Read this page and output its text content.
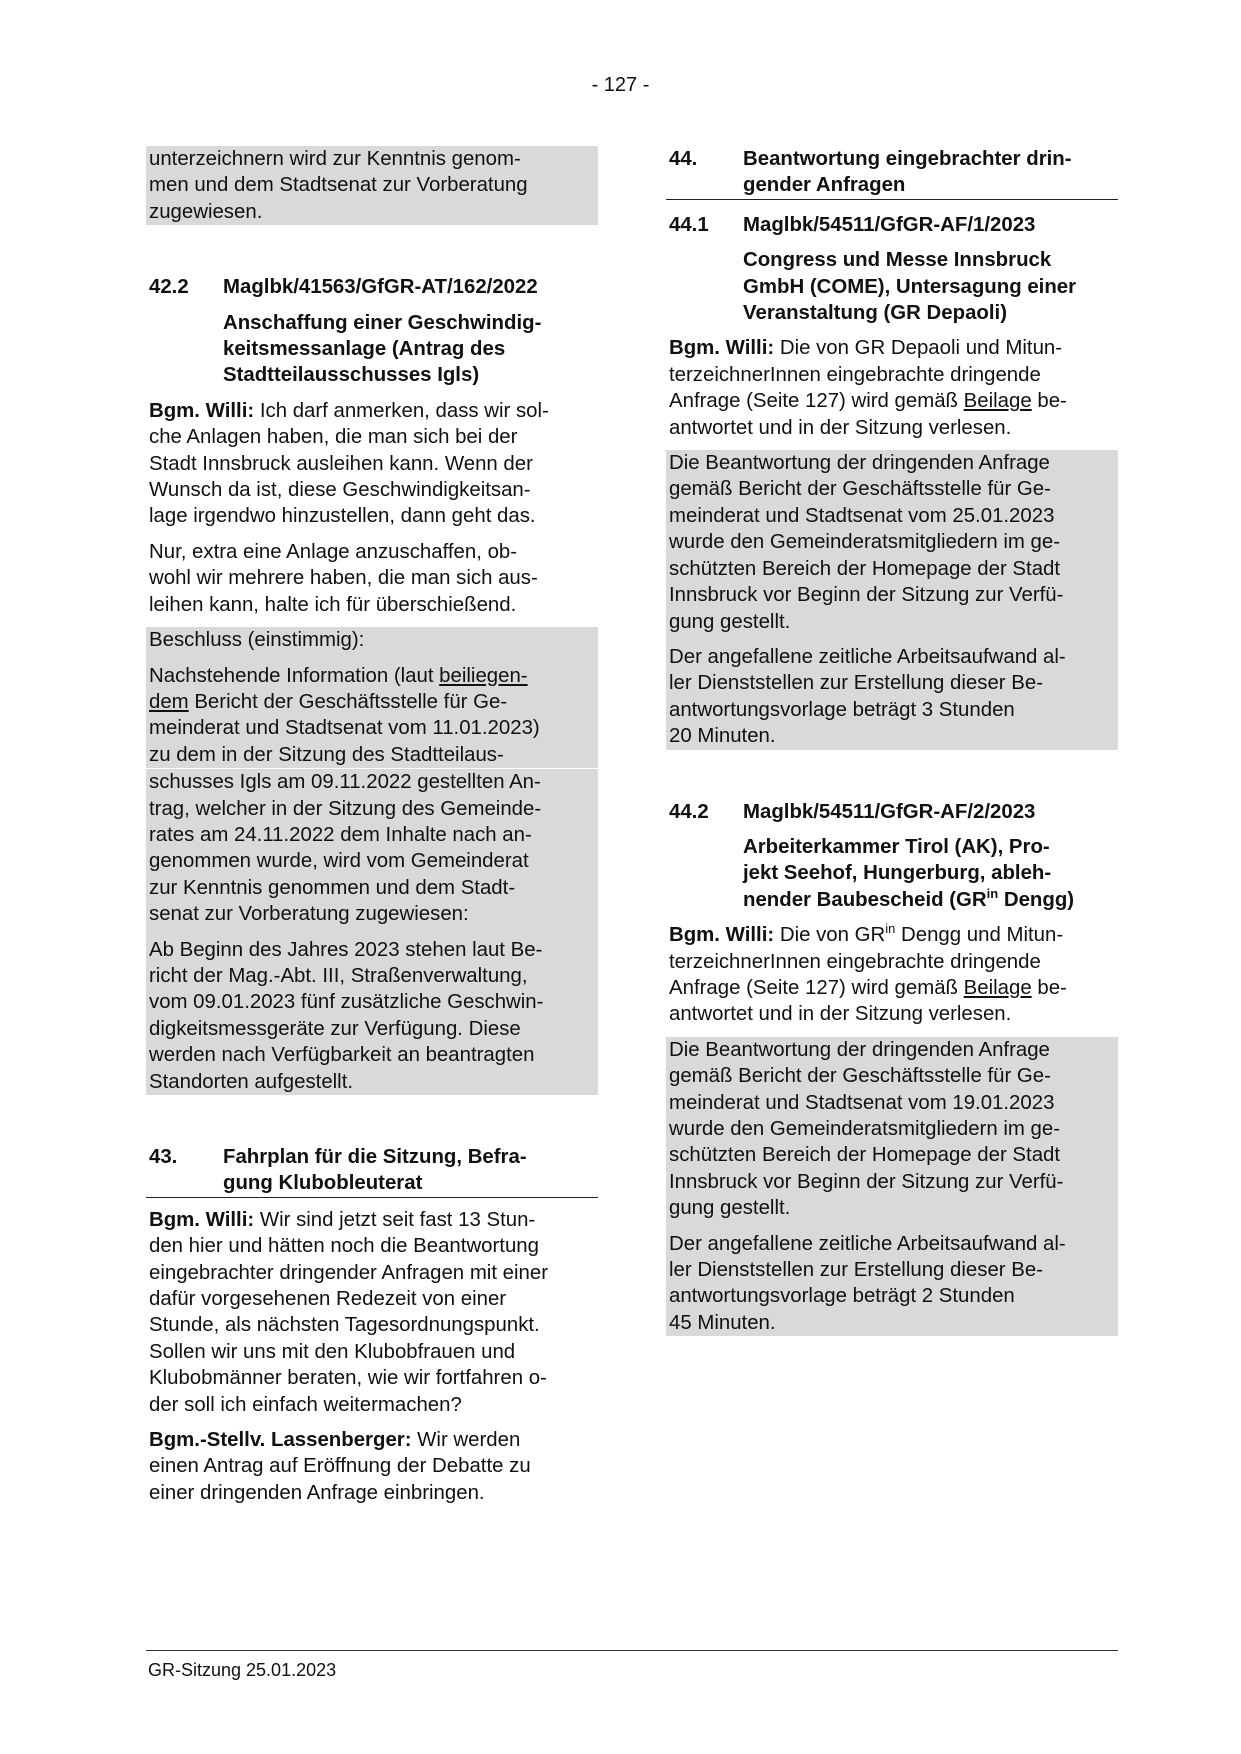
- 127 -
unterzeichnern wird zur Kenntnis genom-
men und dem Stadtsenat zur Vorberatung
zugewiesen.
42.2	Maglbk/41563/GfGR-AT/162/2022
Anschaffung einer Geschwindig-
keitsmessanlage (Antrag des
Stadtteilausschusses Igls)
Bgm. Willi: Ich darf anmerken, dass wir sol-
che Anlagen haben, die man sich bei der
Stadt Innsbruck ausleihen kann. Wenn der
Wunsch da ist, diese Geschwindigkeitsan-
lage irgendwo hinzustellen, dann geht das.
Nur, extra eine Anlage anzuschaffen, ob-
wohl wir mehrere haben, die man sich aus-
leihen kann, halte ich für überschießend.
Beschluss (einstimmig):
Nachstehende Information (laut beiliegen-
dem Bericht der Geschäftsstelle für Ge-
meinderat und Stadtsenat vom 11.01.2023)
zu dem in der Sitzung des Stadtteilaus-
schusses Igls am 09.11.2022 gestellten An-
trag, welcher in der Sitzung des Gemeinde-
rates am 24.11.2022 dem Inhalte nach an-
genommen wurde, wird vom Gemeinderat
zur Kenntnis genommen und dem Stadt-
senat zur Vorberatung zugewiesen:
Ab Beginn des Jahres 2023 stehen laut Be-
richt der Mag.-Abt. III, Straßenverwaltung,
vom 09.01.2023 fünf zusätzliche Geschwin-
digkeitsmessgeräte zur Verfügung. Diese
werden nach Verfügbarkeit an beantragten
Standorten aufgestellt.
43.	Fahrplan für die Sitzung, Befra-
gung Klubobleuterat
Bgm. Willi: Wir sind jetzt seit fast 13 Stun-
den hier und hätten noch die Beantwortung
eingebrachter dringender Anfragen mit einer
dafür vorgesehenen Redezeit von einer
Stunde, als nächsten Tagesordnungspunkt.
Sollen wir uns mit den Klubobfrauen und
Klubobmänner beraten, wie wir fortfahren o-
der soll ich einfach weitermachen?
Bgm.-Stellv. Lassenberger: Wir werden
einen Antrag auf Eröffnung der Debatte zu
einer dringenden Anfrage einbringen.
44.	Beantwortung eingebrachter drin-
gender Anfragen
44.1	Maglbk/54511/GfGR-AF/1/2023
Congress und Messe Innsbruck
GmbH (COME), Untersagung einer
Veranstaltung (GR Depaoli)
Bgm. Willi: Die von GR Depaoli und Mitun-
terzeichnerInnen eingebrachte dringende
Anfrage (Seite 127) wird gemäß Beilage be-
antwortet und in der Sitzung verlesen.
Die Beantwortung der dringenden Anfrage
gemäß Bericht der Geschäftsstelle für Ge-
meinderat und Stadtsenat vom 25.01.2023
wurde den Gemeinderatsmitgliedern im ge-
schützten Bereich der Homepage der Stadt
Innsbruck vor Beginn der Sitzung zur Verfü-
gung gestellt.
Der angefallene zeitliche Arbeitsaufwand al-
ler Dienststellen zur Erstellung dieser Be-
antwortungsvorlage beträgt 3 Stunden
20 Minuten.
44.2	Maglbk/54511/GfGR-AF/2/2023
Arbeiterkammer Tirol (AK), Pro-
jekt Seehof, Hungerburg, ableh-
nender Baubescheid ($GR^{in}$ Dengg)
Bgm. Willi: Die von $GR^{in}$ Dengg und Mitun-
terzeichnerInnen eingebrachte dringende
Anfrage (Seite 127) wird gemäß Beilage be-
antwortet und in der Sitzung verlesen.
Die Beantwortung der dringenden Anfrage
gemäß Bericht der Geschäftsstelle für Ge-
meinderat und Stadtsenat vom 19.01.2023
wurde den Gemeinderatsmitgliedern im ge-
schützten Bereich der Homepage der Stadt
Innsbruck vor Beginn der Sitzung zur Verfü-
gung gestellt.
Der angefallene zeitliche Arbeitsaufwand al-
ler Dienststellen zur Erstellung dieser Be-
antwortungsvorlage beträgt 2 Stunden
45 Minuten.
GR-Sitzung 25.01.2023
